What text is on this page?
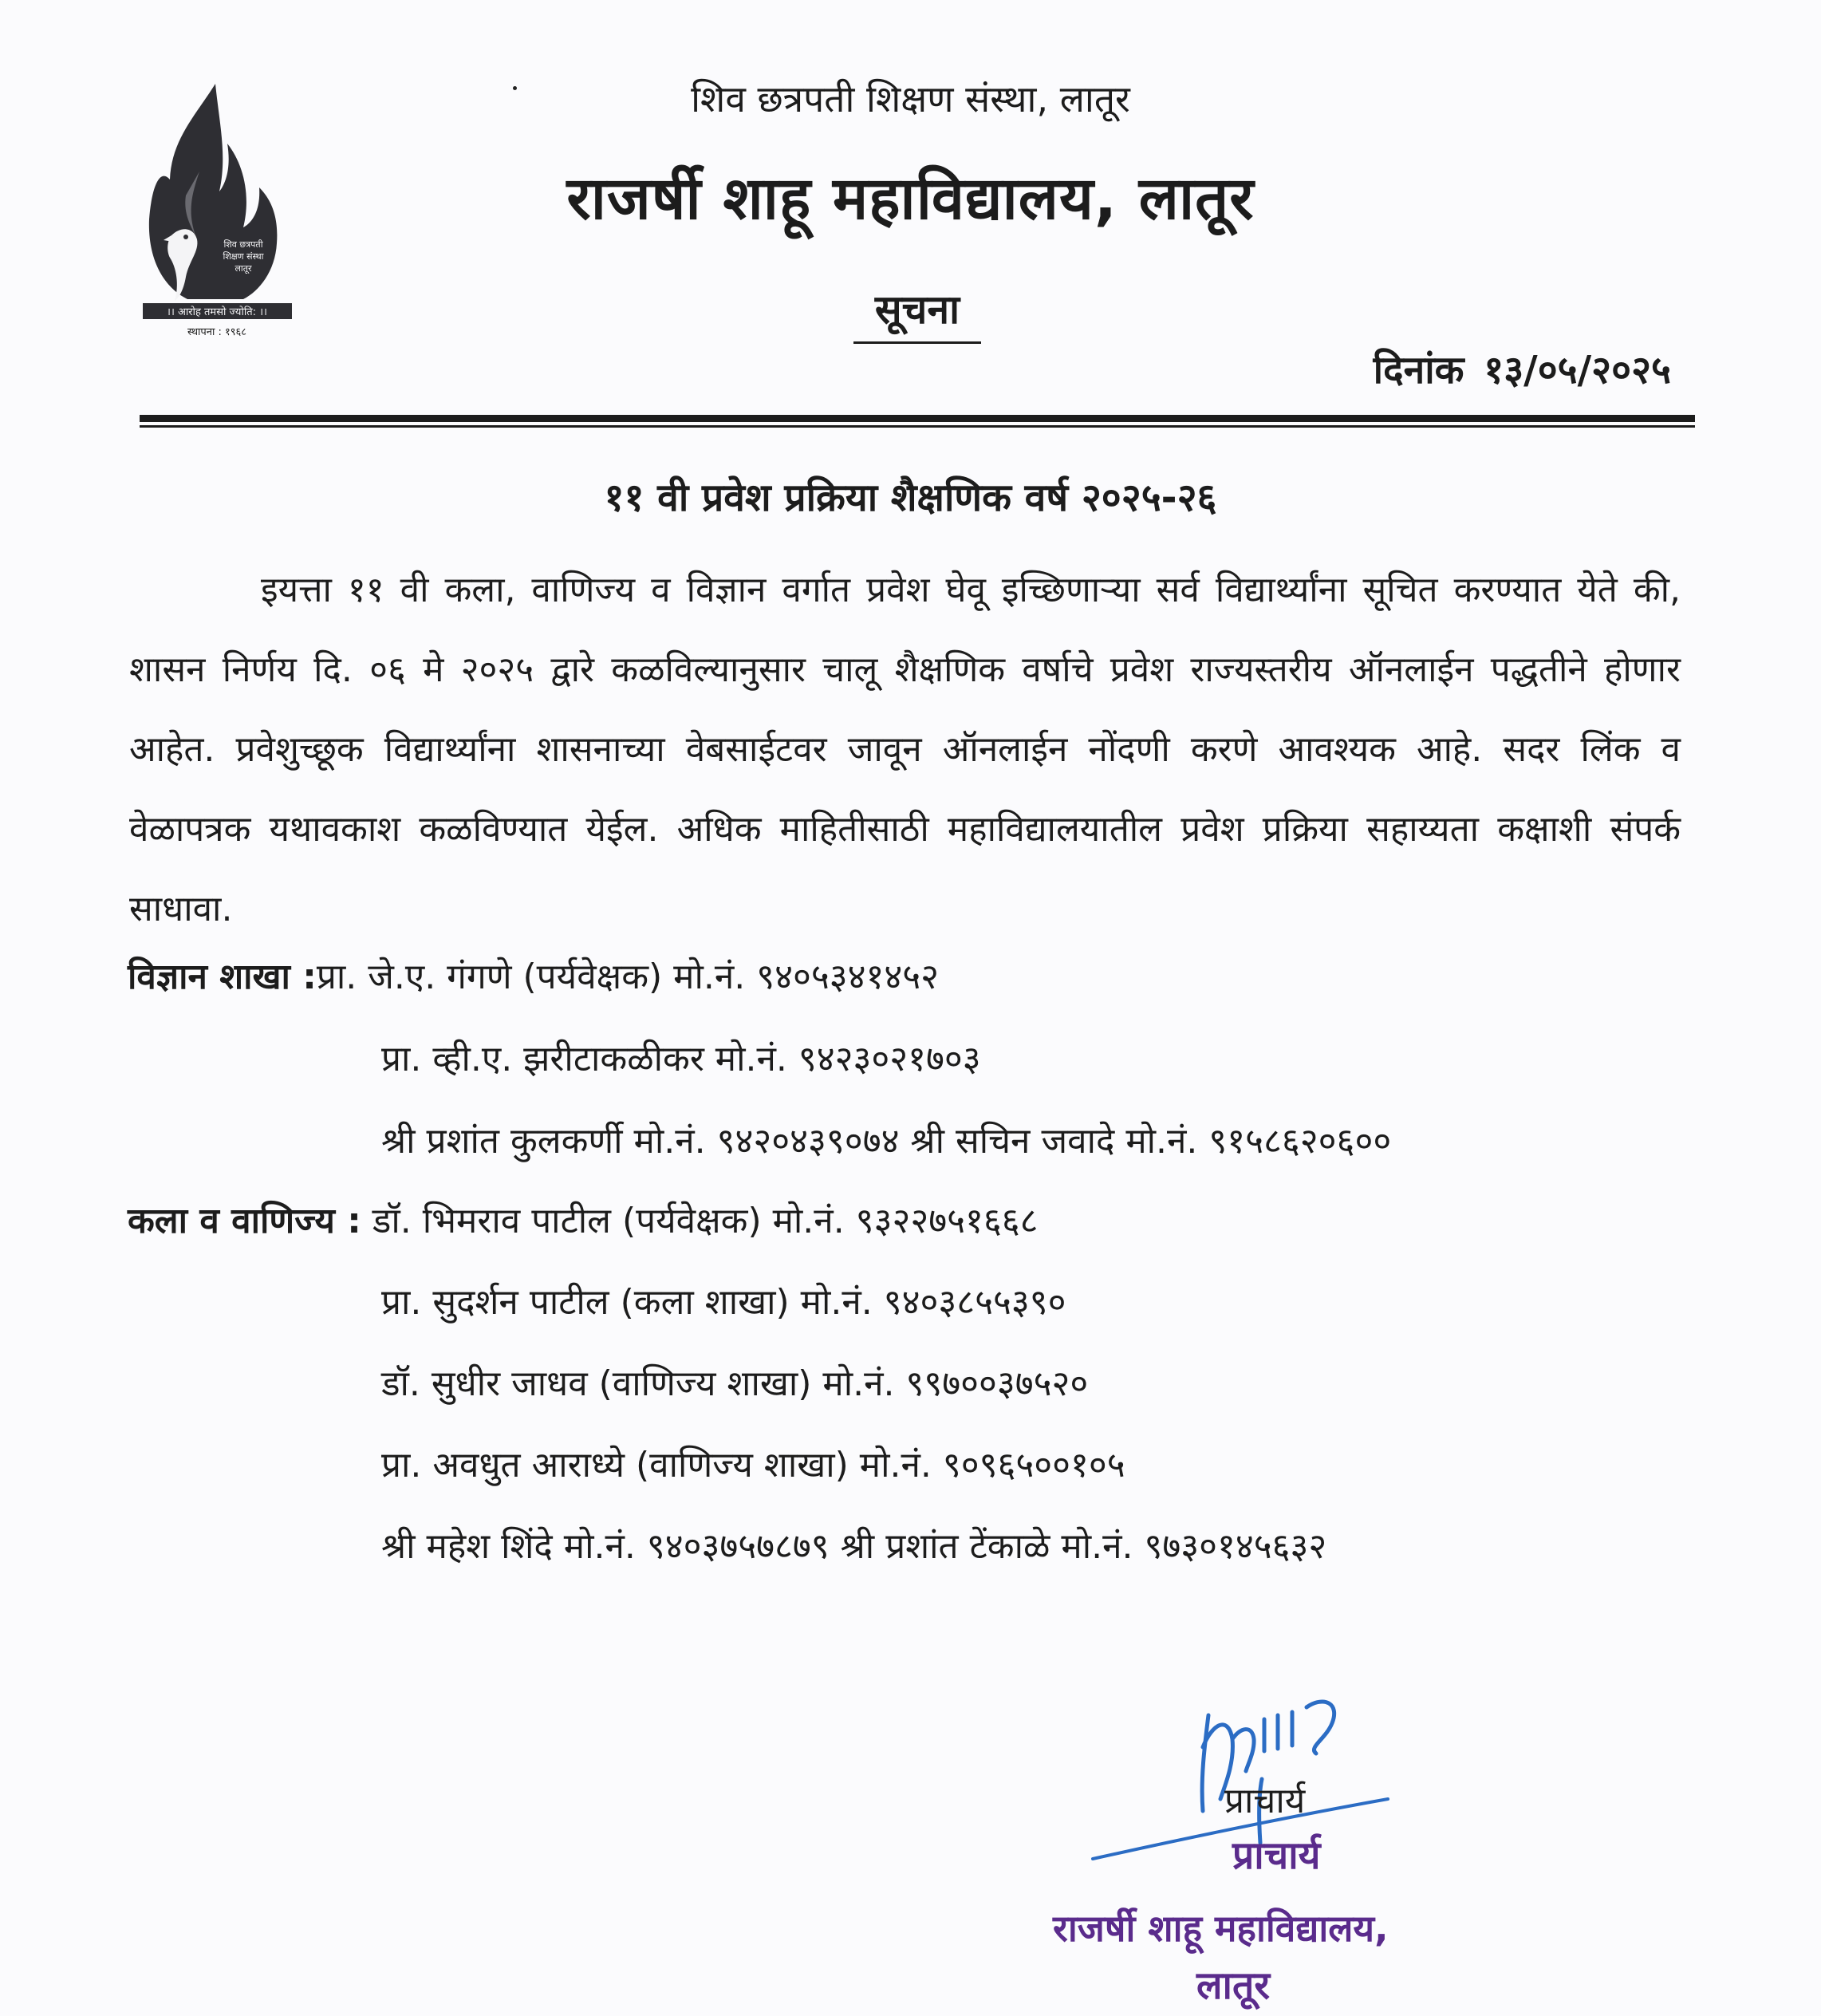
शिव छत्रपती
शिक्षण संस्था
लातूर
।। आरोह तमसो ज्योति: ।।
स्थापना : १९६८
शिव छत्रपती शिक्षण संस्था, लातूर
राजर्षी शाहू महाविद्यालय, लातूर
सूचना
दिनांक १३/०५/२०२५
११ वी प्रवेश प्रक्रिया शैक्षणिक वर्ष २०२५-२६
इयत्ता ११ वी कला, वाणिज्य व विज्ञान वर्गात प्रवेश घेवू इच्छिणाऱ्या सर्व विद्यार्थ्यांना सूचित करण्यात येते की, शासन निर्णय दि. ०६ मे २०२५ द्वारे कळविल्यानुसार चालू शैक्षणिक वर्षाचे प्रवेश राज्यस्तरीय ऑनलाईन पद्धतीने होणार आहेत. प्रवेशुच्छूक विद्यार्थ्यांना शासनाच्या वेबसाईटवर जावून ऑनलाईन नोंदणी करणे आवश्यक आहे. सदर लिंक व वेळापत्रक यथावकाश कळविण्यात येईल. अधिक माहितीसाठी महाविद्यालयातील प्रवेश प्रक्रिया सहाय्यता कक्षाशी संपर्क साधावा.
विज्ञान शाखा :प्रा. जे.ए. गंगणे (पर्यवेक्षक) मो.नं. ९४०५३४१४५२
प्रा. व्ही.ए. झरीटाकळीकर मो.नं. ९४२३०२१७०३
श्री प्रशांत कुलकर्णी मो.नं. ९४२०४३९०७४ श्री सचिन जवादे मो.नं. ९१५८६२०६००
कला व वाणिज्य : डॉ. भिमराव पाटील (पर्यवेक्षक) मो.नं. ९३२२७५१६६८
प्रा. सुदर्शन पाटील (कला शाखा) मो.नं. ९४०३८५५३९०
डॉ. सुधीर जाधव (वाणिज्य शाखा) मो.नं. ९९७००३७५२०
प्रा. अवधुत आराध्ये (वाणिज्य शाखा) मो.नं. ९०९६५००१०५
श्री महेश शिंदे मो.नं. ९४०३७५७८७९ श्री प्रशांत टेंकाळे मो.नं. ९७३०१४५६३२
प्राचार्य
प्राचार्य
राजर्षी शाहू महाविद्यालय,
लातूर
